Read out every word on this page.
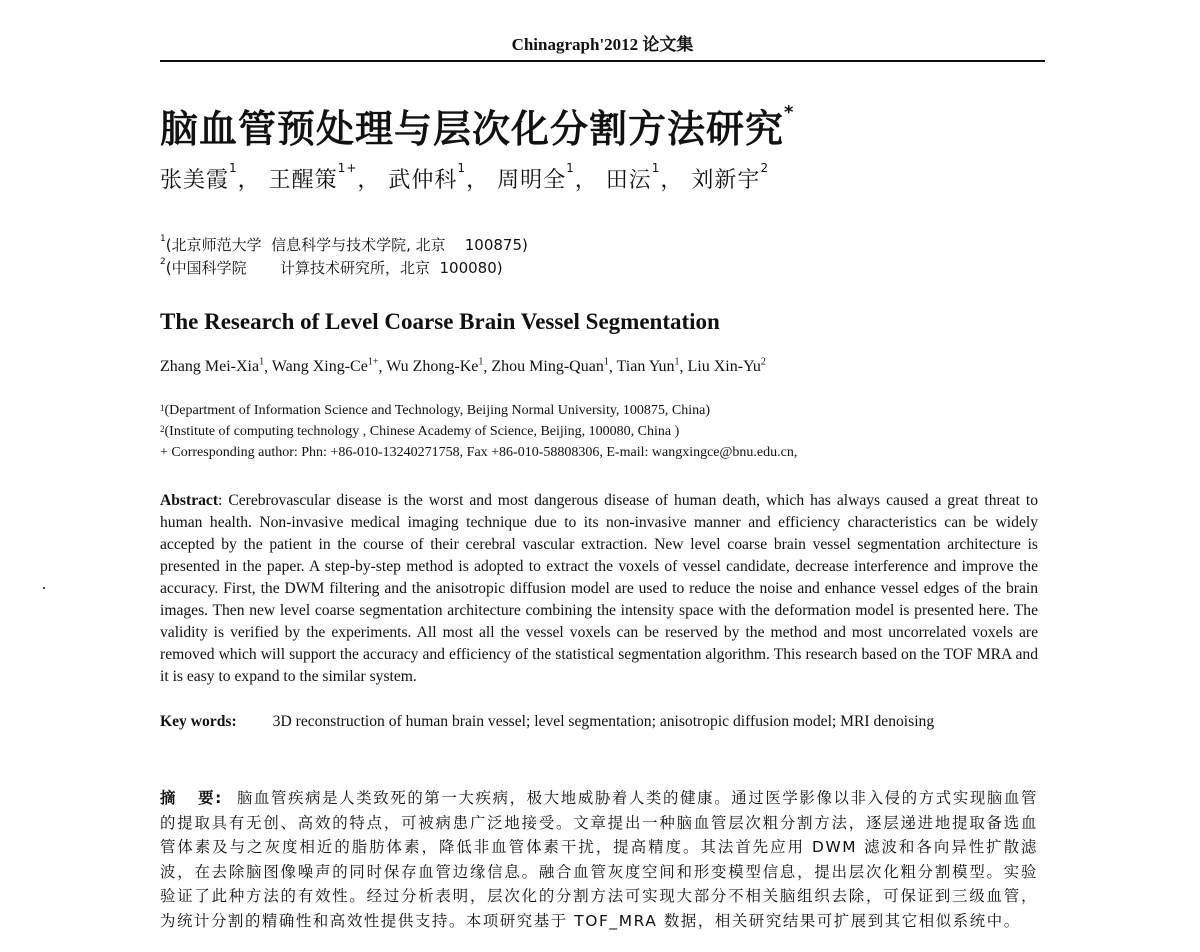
Chinagraph'2012 论文集
脑血管预处理与层次化分割方法研究*
张美霞$^1$， 王醒策$^{1+}$， 武仲科$^1$， 周明全$^1$， 田沄$^1$， 刘新宇$^2$
$^1$(北京师范大学  信息科学与技术学院, 北京    100875)
$^2$(中国科学院       计算技术研究所，北京  100080)
The Research of Level Coarse Brain Vessel Segmentation
Zhang Mei-Xia$^1$, Wang Xing-$Ce^{1+}$, Wu Zhong-Ke$^1$, Zhou Ming-Quan$^1$, Tian Yun$^1$, Liu Xin-Yu$^2$
$^1$(Department of Information Science and Technology, Beijing Normal University, 100875, China)
$^2$(Institute of computing technology , Chinese Academy of Science, Beijing, 100080, China )
+ Corresponding author: Phn: +86-010-13240271758, Fax +86-010-58808306, E-mail: wangxingce@bnu.edu.cn,
Abstract: Cerebrovascular disease is the worst and most dangerous disease of human death, which has always caused a great threat to human health. Non-invasive medical imaging technique due to its non-invasive manner and efficiency characteristics can be widely accepted by the patient in the course of their cerebral vascular extraction. New level coarse brain vessel segmentation architecture is presented in the paper. A step-by-step method is adopted to extract the voxels of vessel candidate, decrease interference and improve the accuracy. First, the DWM filtering and the anisotropic diffusion model are used to reduce the noise and enhance vessel edges of the brain images. Then new level coarse segmentation architecture combining the intensity space with the deformation model is presented here. The validity is verified by the experiments. All most all the vessel voxels can be reserved by the method and most uncorrelated voxels are removed which will support the accuracy and efficiency of the statistical segmentation algorithm. This research based on the TOF MRA and it is easy to expand to the similar system.
Key words: 3D reconstruction of human brain vessel; level segmentation; anisotropic diffusion model; MRI denoising
摘   要: 脑血管疾病是人类致死的第一大疾病，极大地威胁着人类的健康。通过医学影像以非入侵的方式实现脑血管的提取具有无创、高效的特点，可被病患广泛地接受。文章提出一种脑血管层次粗分割方法，逐层递进地提取备选血管体素及与之灰度相近的脂肪体素，降低非血管体素干扰，提高精度。其法首先应用 DWM 滤波和各向异性扩散滤波，在去除脑图像噪声的同时保存血管边缘信息。融合血管灰度空间和形变模型信息，提出层次化粗分割模型。实验验证了此种方法的有效性。经过分析表明，层次化的分割方法可实现大部分不相关脑组织去除，可保证到三级血管，为统计分割的精确性和高效性提供支持。本项研究基于 TOF_MRA 数据，相关研究结果可扩展到其它相似系统中。
